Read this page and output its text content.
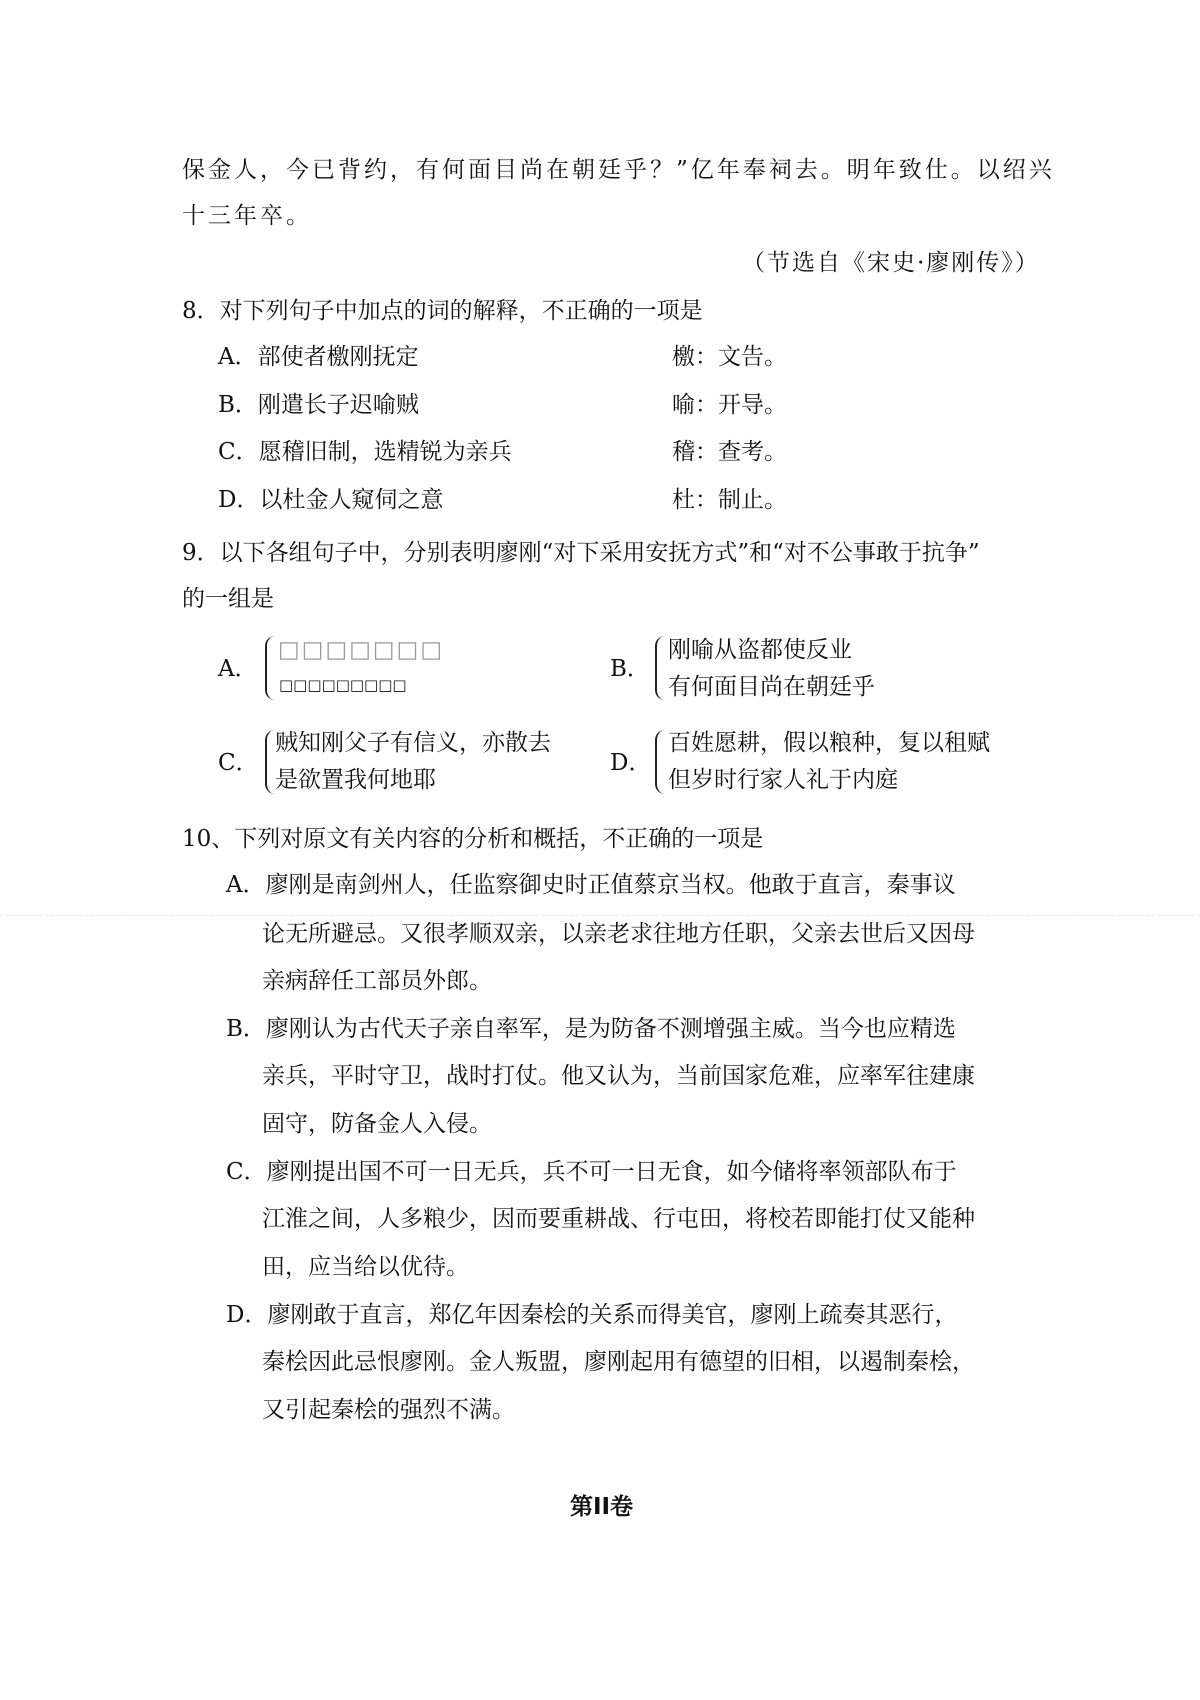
保金人，今已背约，有何面目尚在朝廷乎？”亿年奉祠去。明年致仕。以绍兴
十三年卒。
（节选自《宋史·廖刚传》）
8．对下列句子中加点的词的解释，不正确的一项是
A．部使者檄刚抚定	檄：文告。
B．刚遣长子迟喻贼	喻：开导。
C．愿稽旧制，选精锐为亲兵	稽：查考。
D．以杜金人窥伺之意	杜：制止。
9．以下各组句子中，分别表明廖刚“对下采用安抚方式”和“对不公事敢于抗争”
的一组是
A．
□□□□□□□
□□□□□□□□□
B．
刚喻从盗都使反业
有何面目尚在朝廷乎
C．
贼知刚父子有信义，亦散去
是欲置我何地耶
D．
百姓愿耕，假以粮种，复以租赋
但岁时行家人礼于内庭
10、下列对原文有关内容的分析和概括，不正确的一项是
A．廖刚是南剑州人，任监察御史时正值蔡京当权。他敢于直言，秦事议
论无所避忌。又很孝顺双亲，以亲老求往地方任职，父亲去世后又因母
亲病辞任工部员外郎。
B．廖刚认为古代天子亲自率军，是为防备不测增强主威。当今也应精选
亲兵，平时守卫，战时打仗。他又认为，当前国家危难，应率军往建康
固守，防备金人入侵。
C．廖刚提出国不可一日无兵，兵不可一日无食，如今储将率领部队布于
江淮之间，人多粮少，因而要重耕战、行屯田，将校若即能打仗又能种
田，应当给以优待。
D．廖刚敢于直言，郑亿年因秦桧的关系而得美官，廖刚上疏奏其恶行，
秦桧因此忌恨廖刚。金人叛盟，廖刚起用有德望的旧相，以遏制秦桧，
又引起秦桧的强烈不满。
第II卷
